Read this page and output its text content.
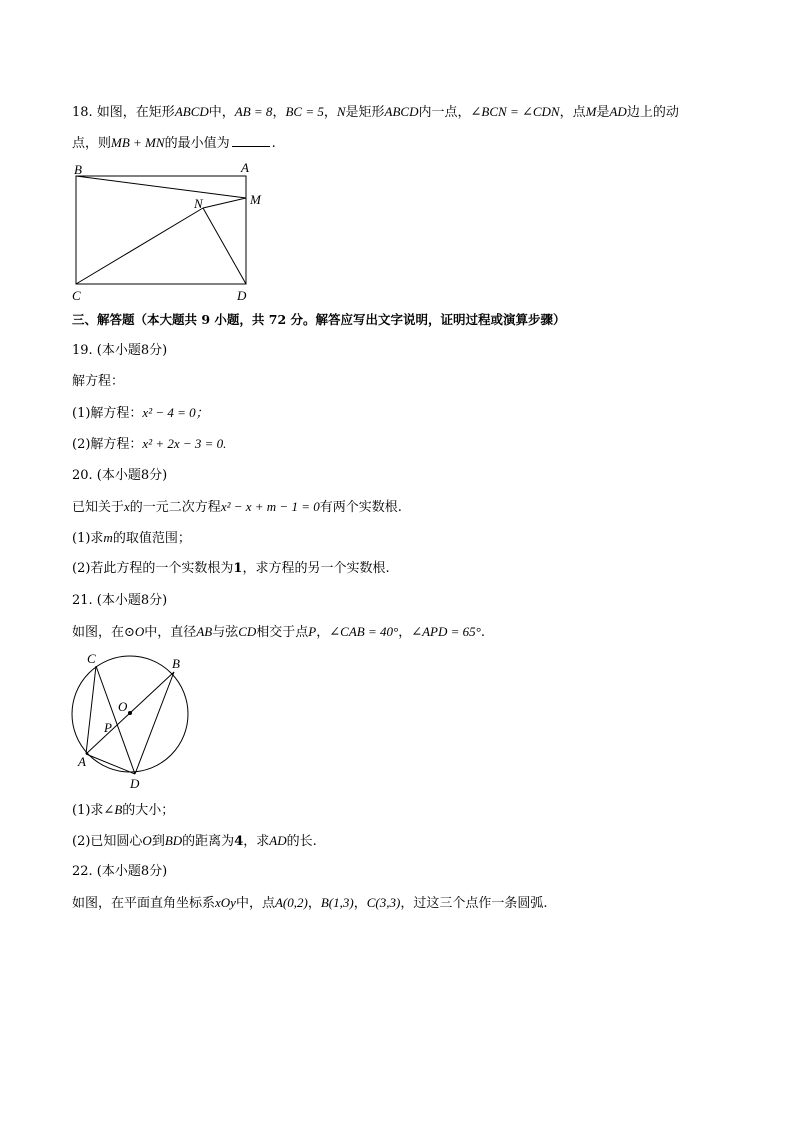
18. 如图，在矩形ABCD中，AB = 8，BC = 5，N是矩形ABCD内一点，∠BCN = ∠CDN，点M是AD边上的动
点，则MB + MN的最小值为	.
B	A
M
N
C	D
三、解答题（本大题共 9 小题，共 72 分。解答应写出文字说明，证明过程或演算步骤）
19. (本小题8分)
解方程：
(1)解方程：x² − 4 = 0；
(2)解方程：x² + 2x − 3 = 0.
20. (本小题8分)
已知关于x的一元二次方程x² − x + m − 1 = 0有两个实数根.
(1)求m的取值范围；
(2)若此方程的一个实数根为1，求方程的另一个实数根.
21. (本小题8分)
如图，在⊙O中，直径AB与弦CD相交于点P，∠CAB = 40°，∠APD = 65°.
C	B
O
P
A
D
(1)求∠B的大小；
(2)已知圆心O到BD的距离为4，求AD的长.
22. (本小题8分)
如图，在平面直角坐标系xOy中，点A(0,2)，B(1,3)，C(3,3)，过这三个点作一条圆弧.
